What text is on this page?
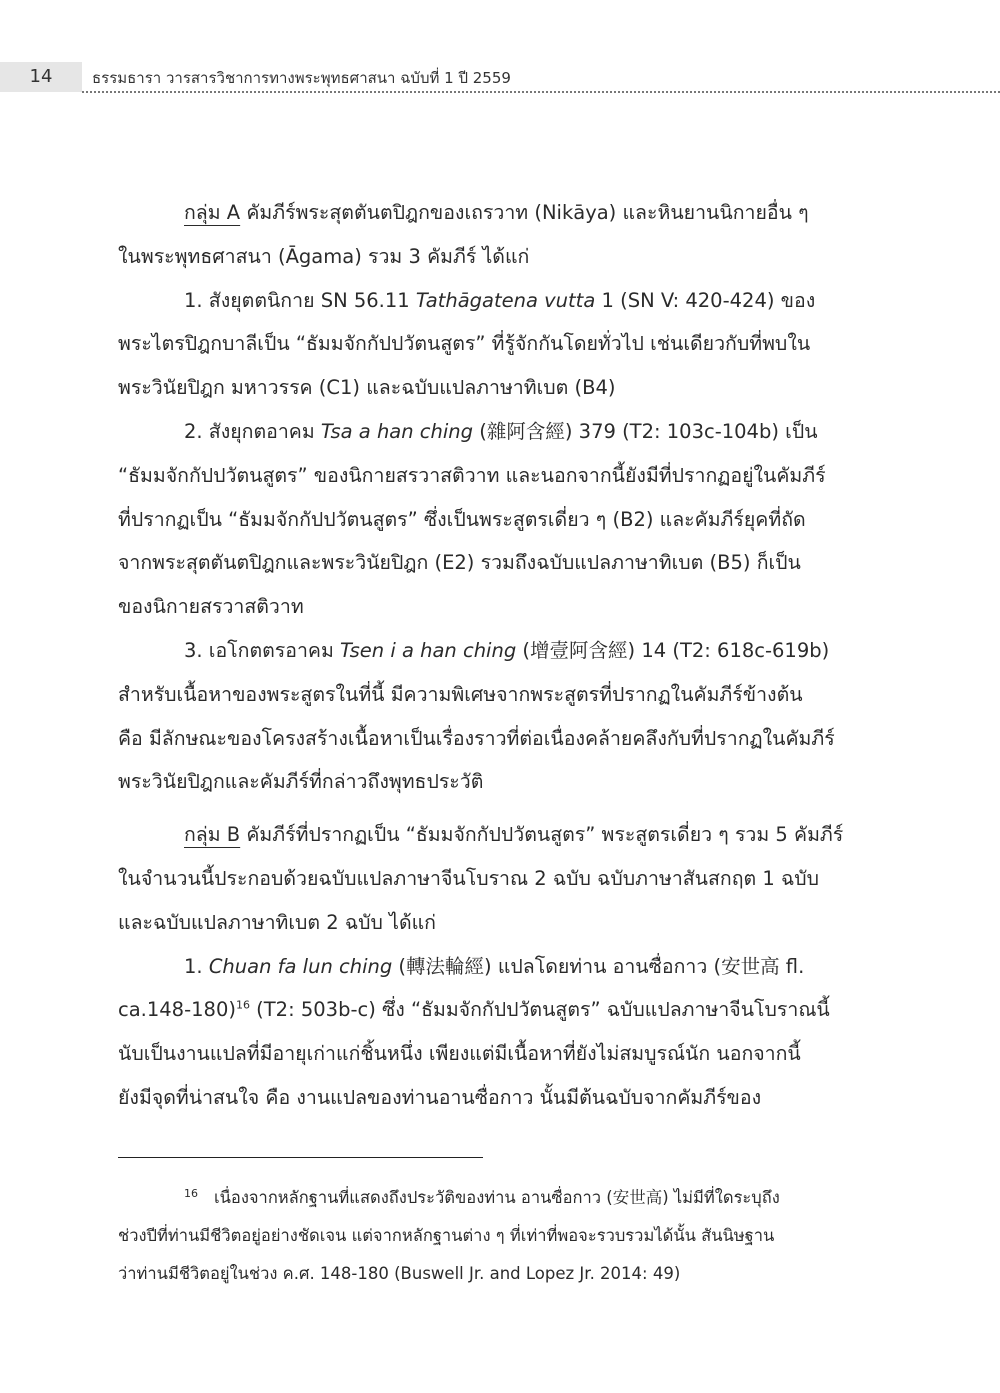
14	ธรรมธารา วารสารวิชาการทางพระพุทธศาสนา ฉบับที่ 1 ปี 2559

กลุ่ม A คัมภีร์พระสุตตันตปิฎกของเถรวาท (Nikāya) และหินยานนิกายอื่น ๆ

ในพระพุทธศาสนา (Āgama) รวม 3 คัมภีร์ ได้แก่

1. สังยุตตนิกาย SN 56.11 Tathāgatena vutta 1 (SN V: 420-424) ของ

พระไตรปิฎกบาลีเป็น “ธัมมจักกัปปวัตนสูตร” ที่รู้จักกันโดยทั่วไป เช่นเดียวกับที่พบใน

พระวินัยปิฎก มหาวรรค (C1) และฉบับแปลภาษาทิเบต (B4)

2. สังยุกตอาคม Tsa a han ching (雜阿含經) 379 (T2: 103c-104b) เป็น

“ธัมมจักกัปปวัตนสูตร” ของนิกายสรวาสติวาท และนอกจากนี้ยังมีที่ปรากฏอยู่ในคัมภีร์

ที่ปรากฏเป็น “ธัมมจักกัปปวัตนสูตร” ซึ่งเป็นพระสูตรเดี่ยว ๆ (B2) และคัมภีร์ยุคที่ถัด

จากพระสุตตันตปิฎกและพระวินัยปิฎก (E2) รวมถึงฉบับแปลภาษาทิเบต (B5) ก็เป็น

ของนิกายสรวาสติวาท

3. เอโกตตรอาคม Tsen i a han ching (增壹阿含經) 14 (T2: 618c-619b)

สำหรับเนื้อหาของพระสูตรในที่นี้ มีความพิเศษจากพระสูตรที่ปรากฏในคัมภีร์ข้างต้น

คือ มีลักษณะของโครงสร้างเนื้อหาเป็นเรื่องราวที่ต่อเนื่องคล้ายคลึงกับที่ปรากฏในคัมภีร์

พระวินัยปิฎกและคัมภีร์ที่กล่าวถึงพุทธประวัติ

กลุ่ม B คัมภีร์ที่ปรากฏเป็น “ธัมมจักกัปปวัตนสูตร” พระสูตรเดี่ยว ๆ รวม 5 คัมภีร์

ในจำนวนนี้ประกอบด้วยฉบับแปลภาษาจีนโบราณ 2 ฉบับ ฉบับภาษาสันสกฤต 1 ฉบับ

และฉบับแปลภาษาทิเบต 2 ฉบับ ได้แก่

1. Chuan fa lun ching (轉法輪經) แปลโดยท่าน อานซื่อกาว (安世高 fl.

ca.148-180)$^{16}$ (T2: 503b-c) ซึ่ง “ธัมมจักกัปปวัตนสูตร” ฉบับแปลภาษาจีนโบราณนี้

นับเป็นงานแปลที่มีอายุเก่าแก่ชิ้นหนึ่ง เพียงแต่มีเนื้อหาที่ยังไม่สมบูรณ์นัก นอกจากนี้

ยังมีจุดที่น่าสนใจ คือ งานแปลของท่านอานซื่อกาว นั้นมีต้นฉบับจากคัมภีร์ของ

$^{16}$ เนื่องจากหลักฐานที่แสดงถึงประวัติของท่าน อานซื่อกาว (安世高) ไม่มีที่ใดระบุถึง

ช่วงปีที่ท่านมีชีวิตอยู่อย่างชัดเจน แต่จากหลักฐานต่าง ๆ ที่เท่าที่พอจะรวบรวมได้นั้น สันนิษฐาน

ว่าท่านมีชีวิตอยู่ในช่วง ค.ศ. 148-180 (Buswell Jr. and Lopez Jr. 2014: 49)
